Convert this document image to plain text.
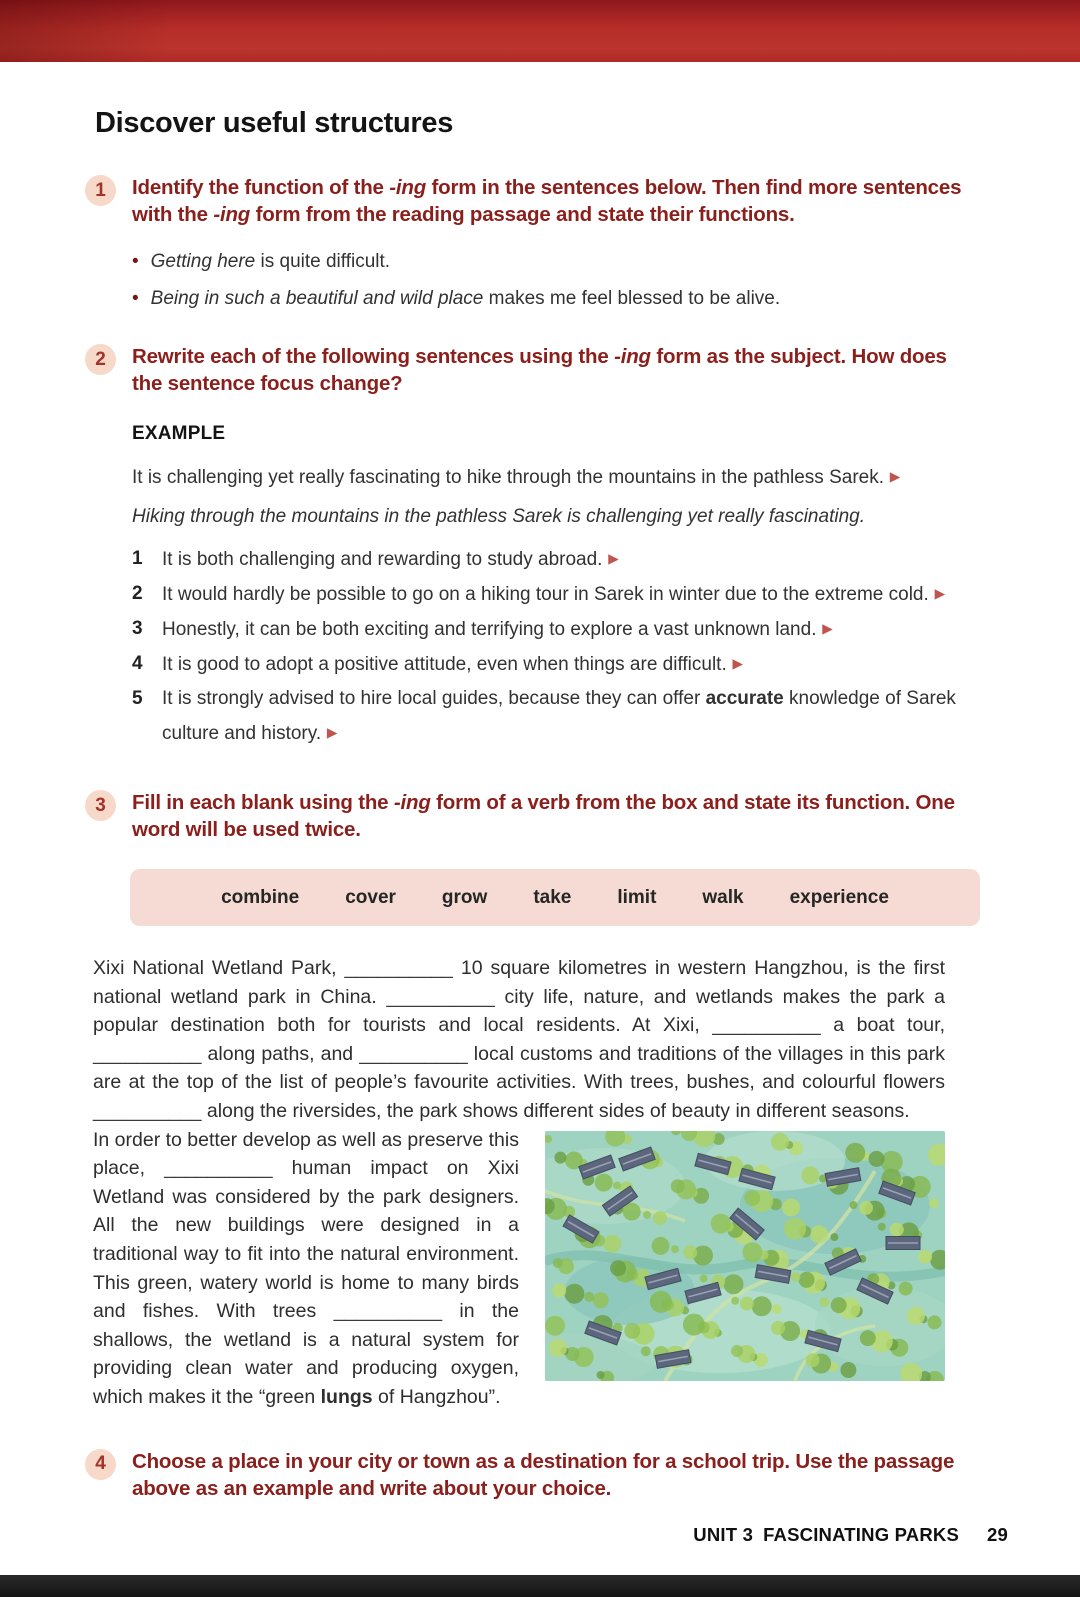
Discover useful structures
1	Identify the function of the -ing form in the sentences below. Then find more sentences with the -ing form from the reading passage and state their functions.
• Getting here is quite difficult.
• Being in such a beautiful and wild place makes me feel blessed to be alive.
2	Rewrite each of the following sentences using the -ing form as the subject. How does the sentence focus change?
EXAMPLE

It is challenging yet really fascinating to hike through the mountains in the pathless Sarek. ▶

Hiking through the mountains in the pathless Sarek is challenging yet really fascinating.

1	It is both challenging and rewarding to study abroad. ▶
2	It would hardly be possible to go on a hiking tour in Sarek in winter due to the extreme cold. ▶
3	Honestly, it can be both exciting and terrifying to explore a vast unknown land. ▶
4	It is good to adopt a positive attitude, even when things are difficult. ▶
5	It is strongly advised to hire local guides, because they can offer accurate knowledge of Sarek culture and history. ▶
3	Fill in each blank using the -ing form of a verb from the box and state its function. One word will be used twice.
combine cover grow take limit walk experience

Xixi National Wetland Park, __________ 10 square kilometres in western Hangzhou, is the first national wetland park in China. __________ city life, nature, and wetlands makes the park a popular destination both for tourists and local residents. At Xixi, __________ a boat tour, __________ along paths, and __________ local customs and traditions of the villages in this park are at the top of the list of people’s favourite activities. With trees, bushes, and colourful flowers __________ along the riversides, the park shows different sides of beauty in different seasons.

In order to better develop as well as preserve this place, __________ human impact on Xixi Wetland was considered by the park designers. All the new buildings were designed in a traditional way to fit into the natural environment. This green, watery world is home to many birds and fishes. With trees __________ in the shallows, the wetland is a natural system for providing clean water and producing oxygen, which makes it the “green lungs of Hangzhou”.

4	Choose a place in your city or town as a destination for a school trip. Use the passage above as an example and write about your choice.
UNIT 3 FASCINATING PARKS 29
